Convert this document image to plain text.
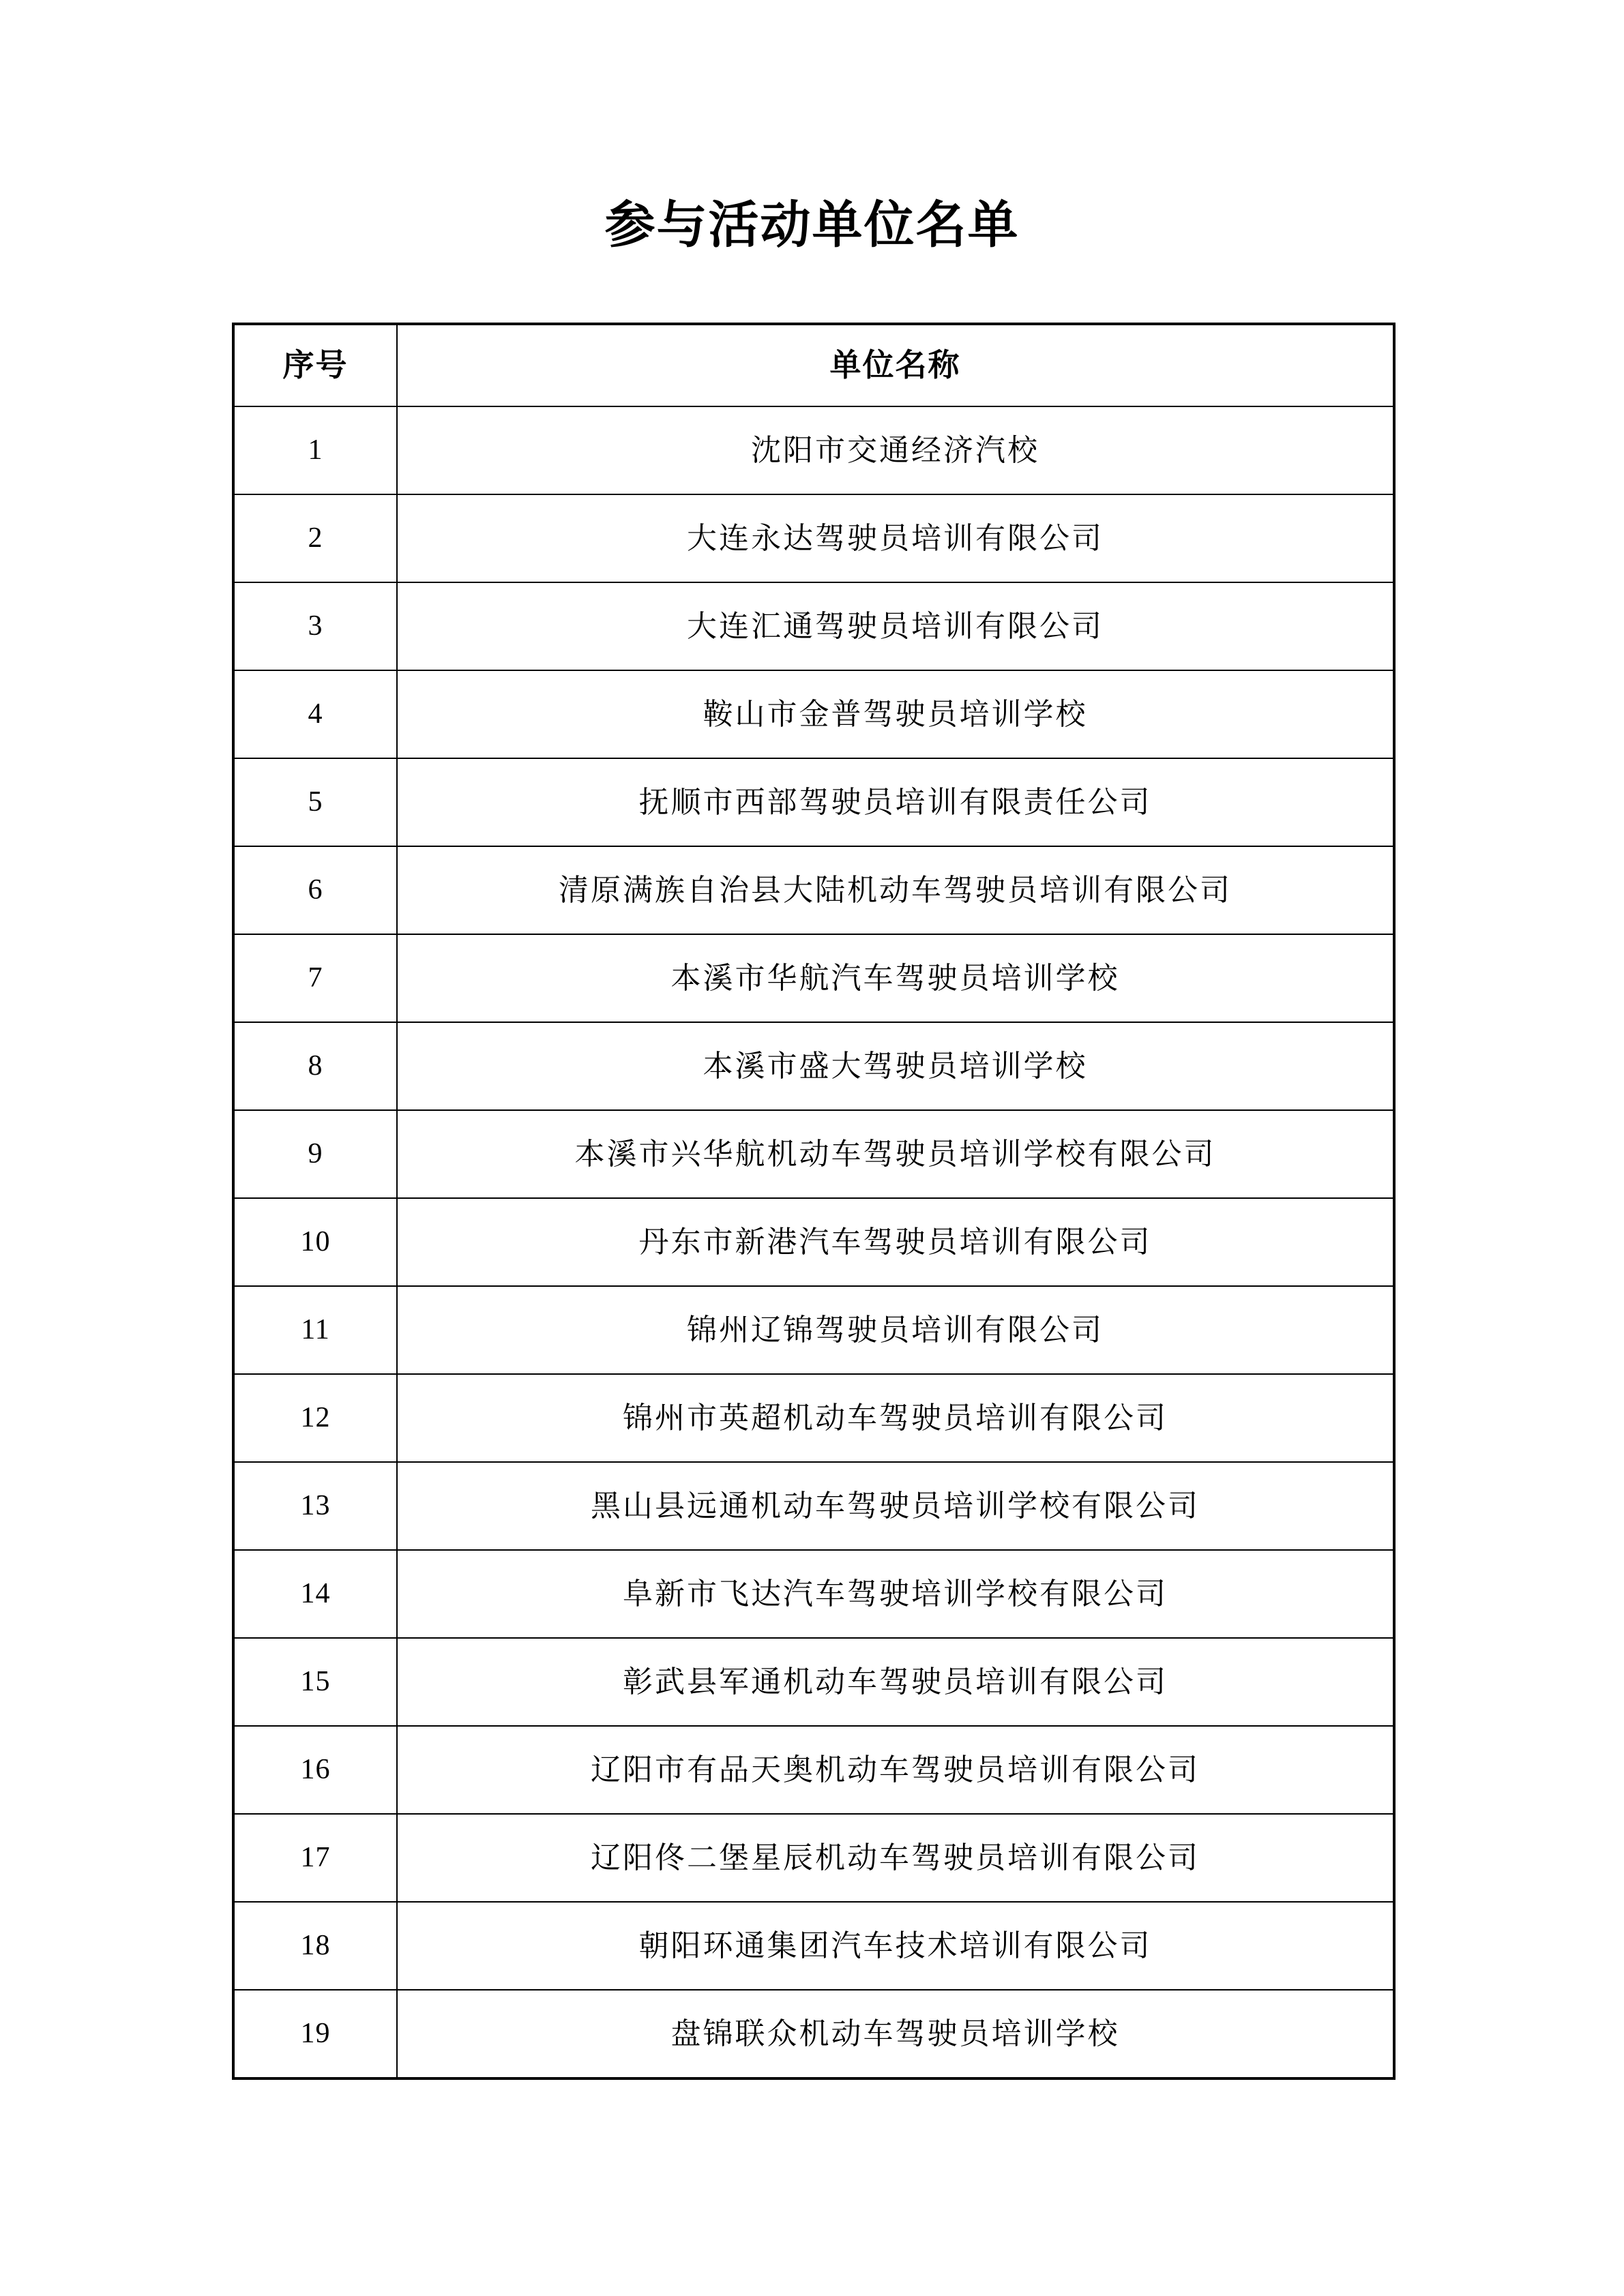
参与活动单位名单
序号	单位名称
1	沈阳市交通经济汽校
2	大连永达驾驶员培训有限公司
3	大连汇通驾驶员培训有限公司
4	鞍山市金普驾驶员培训学校
5	抚顺市西部驾驶员培训有限责任公司
6	清原满族自治县大陆机动车驾驶员培训有限公司
7	本溪市华航汽车驾驶员培训学校
8	本溪市盛大驾驶员培训学校
9	本溪市兴华航机动车驾驶员培训学校有限公司
10	丹东市新港汽车驾驶员培训有限公司
11	锦州辽锦驾驶员培训有限公司
12	锦州市英超机动车驾驶员培训有限公司
13	黑山县远通机动车驾驶员培训学校有限公司
14	阜新市飞达汽车驾驶培训学校有限公司
15	彰武县军通机动车驾驶员培训有限公司
16	辽阳市有品天奥机动车驾驶员培训有限公司
17	辽阳佟二堡星辰机动车驾驶员培训有限公司
18	朝阳环通集团汽车技术培训有限公司
19	盘锦联众机动车驾驶员培训学校
